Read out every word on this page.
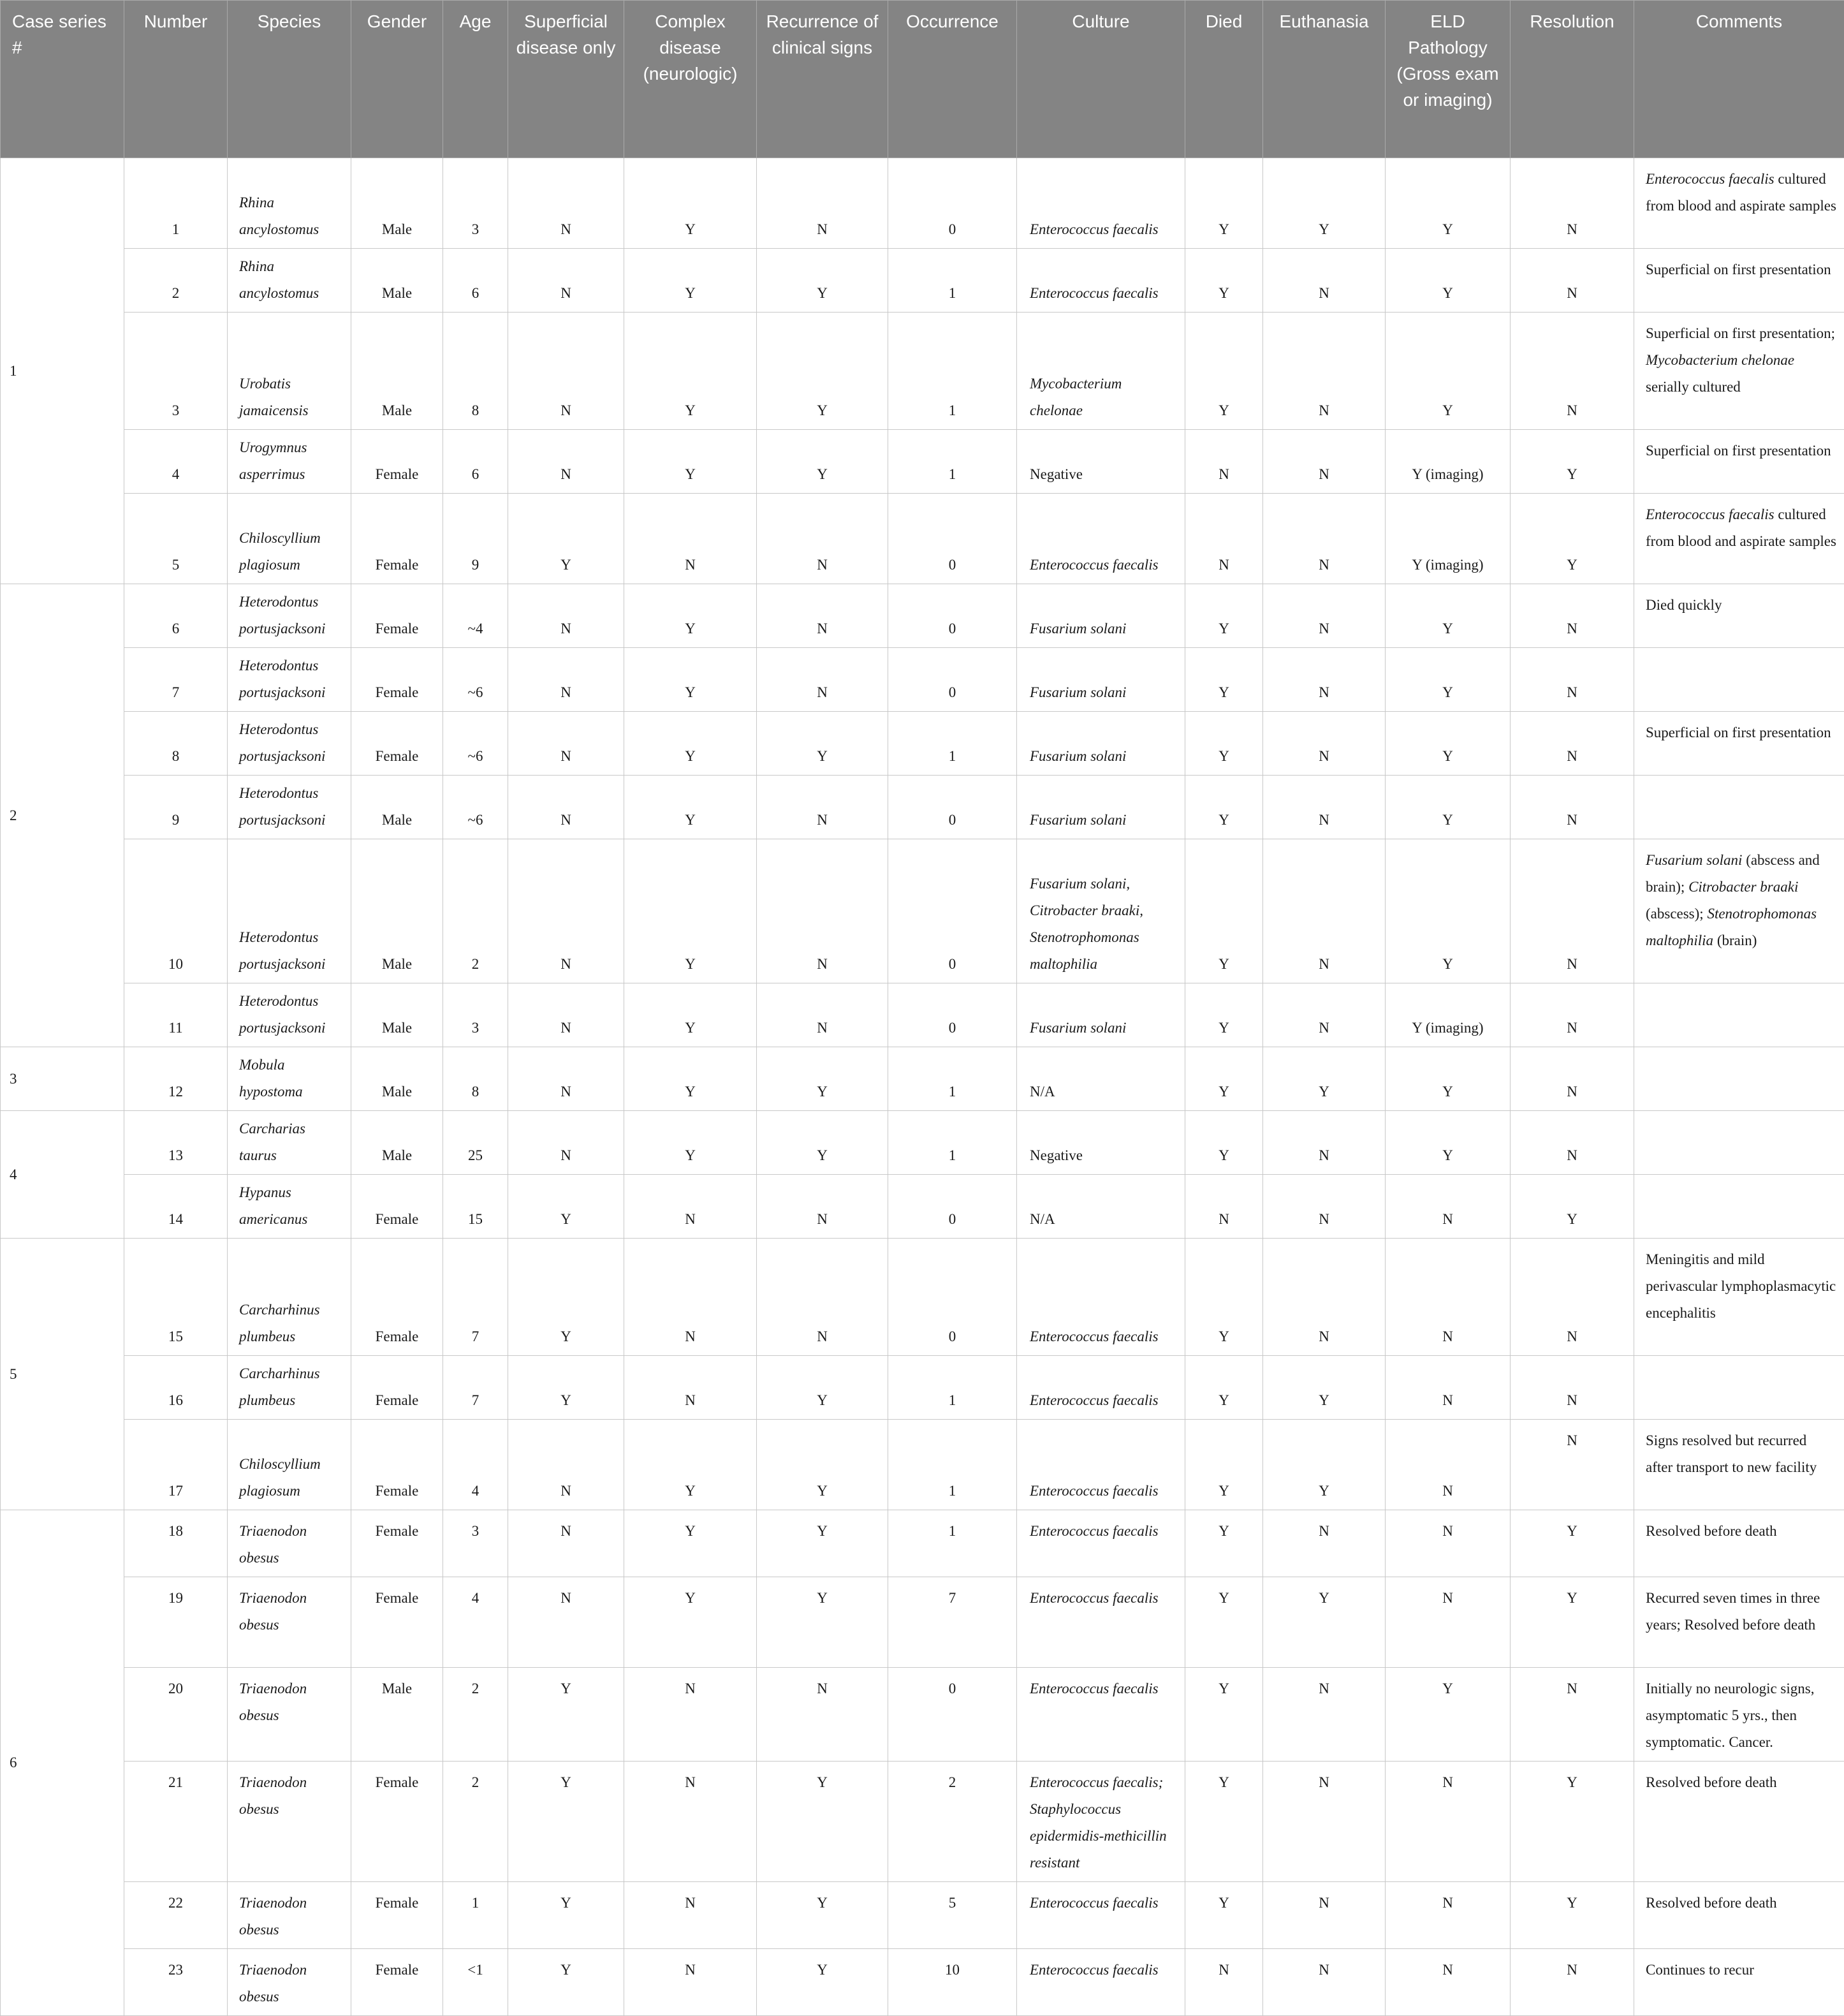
Case series #	Number	Species	Gender	Age	Superficial disease only	Complex disease (neurologic)	Recurrence of clinical signs	Occurrence	Culture	Died	Euthanasia	ELD Pathology (Gross exam or imaging)	Resolution	Comments
1	1	Rhina ancylostomus	Male	3	N	Y	N	0	Enterococcus faecalis	Y	Y	Y	N	Enterococcus faecalis cultured from blood and aspirate samples
	2	Rhina ancylostomus	Male	6	N	Y	Y	1	Enterococcus faecalis	Y	N	Y	N	Superficial on first presentation
	3	Urobatis jamaicensis	Male	8	N	Y	Y	1	Mycobacterium chelonae	Y	N	Y	N	Superficial on first presentation; Mycobacterium chelonae serially cultured
	4	Urogymnus asperrimus	Female	6	N	Y	Y	1	Negative	N	N	Y (imaging)	Y	Superficial on first presentation
	5	Chiloscyllium plagiosum	Female	9	Y	N	N	0	Enterococcus faecalis	N	N	Y (imaging)	Y	Enterococcus faecalis cultured from blood and aspirate samples
2	6	Heterodontus portusjacksoni	Female	~4	N	Y	N	0	Fusarium solani	Y	N	Y	N	Died quickly
	7	Heterodontus portusjacksoni	Female	~6	N	Y	N	0	Fusarium solani	Y	N	Y	N	
	8	Heterodontus portusjacksoni	Female	~6	N	Y	Y	1	Fusarium solani	Y	N	Y	N	Superficial on first presentation
	9	Heterodontus portusjacksoni	Male	~6	N	Y	N	0	Fusarium solani	Y	N	Y	N	
	10	Heterodontus portusjacksoni	Male	2	N	Y	N	0	Fusarium solani, Citrobacter braaki, Stenotrophomonas maltophilia	Y	N	Y	N	Fusarium solani (abscess and brain); Citrobacter braaki (abscess); Stenotrophomonas maltophilia (brain)
	11	Heterodontus portusjacksoni	Male	3	N	Y	N	0	Fusarium solani	Y	N	Y (imaging)	N	
3	12	Mobula hypostoma	Male	8	N	Y	Y	1	N/A	Y	Y	Y	N	
4	13	Carcharias taurus	Male	25	N	Y	Y	1	Negative	Y	N	Y	N	
	14	Hypanus americanus	Female	15	Y	N	N	0	N/A	N	N	N	Y	
5	15	Carcharhinus plumbeus	Female	7	Y	N	N	0	Enterococcus faecalis	Y	N	N	N	Meningitis and mild perivascular lymphoplasmacytic encephalitis
	16	Carcharhinus plumbeus	Female	7	Y	N	Y	1	Enterococcus faecalis	Y	Y	N	N	
	17	Chiloscyllium plagiosum	Female	4	N	Y	Y	1	Enterococcus faecalis	Y	Y	N	N	Signs resolved but recurred after transport to new facility
6	18	Triaenodon obesus	Female	3	N	Y	Y	1	Enterococcus faecalis	Y	N	N	Y	Resolved before death
	19	Triaenodon obesus	Female	4	N	Y	Y	7	Enterococcus faecalis	Y	Y	N	Y	Recurred seven times in three years; Resolved before death
	20	Triaenodon obesus	Male	2	Y	N	N	0	Enterococcus faecalis	Y	N	Y	N	Initially no neurologic signs, asymptomatic 5 yrs., then symptomatic. Cancer.
	21	Triaenodon obesus	Female	2	Y	N	Y	2	Enterococcus faecalis; Staphylococcus epidermidis-methicillin resistant	Y	N	N	Y	Resolved before death
	22	Triaenodon obesus	Female	1	Y	N	Y	5	Enterococcus faecalis	Y	N	N	Y	Resolved before death
	23	Triaenodon obesus	Female	<1	Y	N	Y	10	Enterococcus faecalis	N	N	N	N	Continues to recur
